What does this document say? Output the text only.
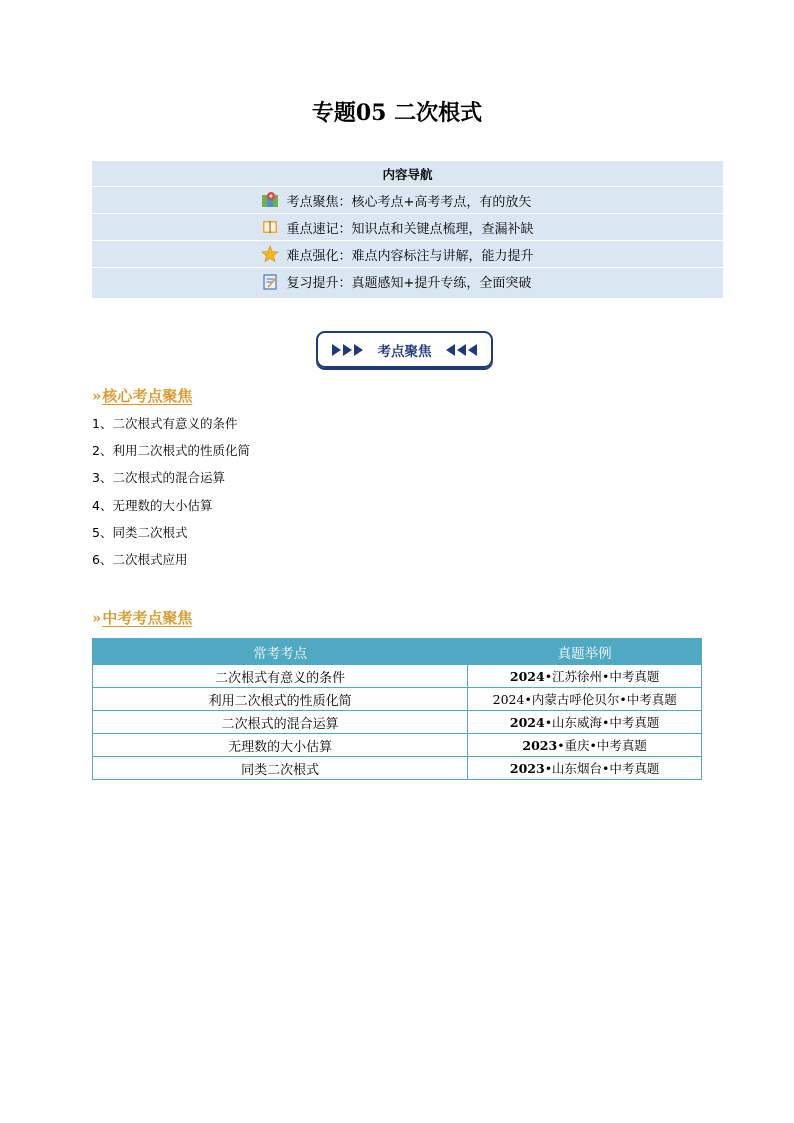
专题05 二次根式
内容导航
考点聚焦：核心考点+高考考点，有的放矢
重点速记：知识点和关键点梳理，查漏补缺
难点强化：难点内容标注与讲解，能力提升
复习提升：真题感知+提升专练，全面突破
考点聚焦
»核心考点聚焦
1、二次根式有意义的条件
2、利用二次根式的性质化简
3、二次根式的混合运算
4、无理数的大小估算
5、同类二次根式
6、二次根式应用
»中考考点聚焦
常考考点	真题举例
二次根式有意义的条件	2024•江苏徐州•中考真题
利用二次根式的性质化简	2024•内蒙古呼伦贝尔•中考真题
二次根式的混合运算	2024•山东威海•中考真题
无理数的大小估算	2023•重庆•中考真题
同类二次根式	2023•山东烟台•中考真题
